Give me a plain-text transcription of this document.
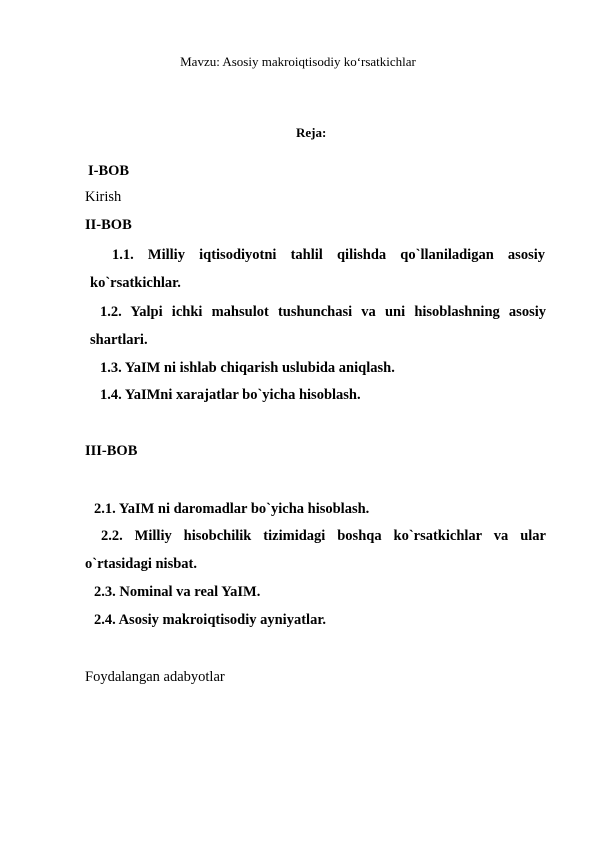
Mavzu: Asosiy makroiqtisodiy ko‘rsatkichlar
Reja:
I-BOB
Kirish
II-BOB
1.1. Milliy iqtisodiyotni tahlil qilishda qo`llaniladigan asosiy
ko`rsatkichlar.
1.2. Yalpi ichki mahsulot tushunchasi va uni hisoblashning asosiy
shartlari.
1.3. YaIM ni ishlab chiqarish uslubida aniqlash.
1.4. YaIMni xarajatlar bo`yicha hisoblash.
III-BOB
2.1. YaIM ni daromadlar bo`yicha hisoblash.
2.2. Milliy hisobchilik tizimidagi boshqa ko`rsatkichlar va ular
o`rtasidagi nisbat.
2.3. Nominal va real YaIM.
2.4. Asosiy makroiqtisodiy ayniyatlar.
Foydalangan adabyotlar
